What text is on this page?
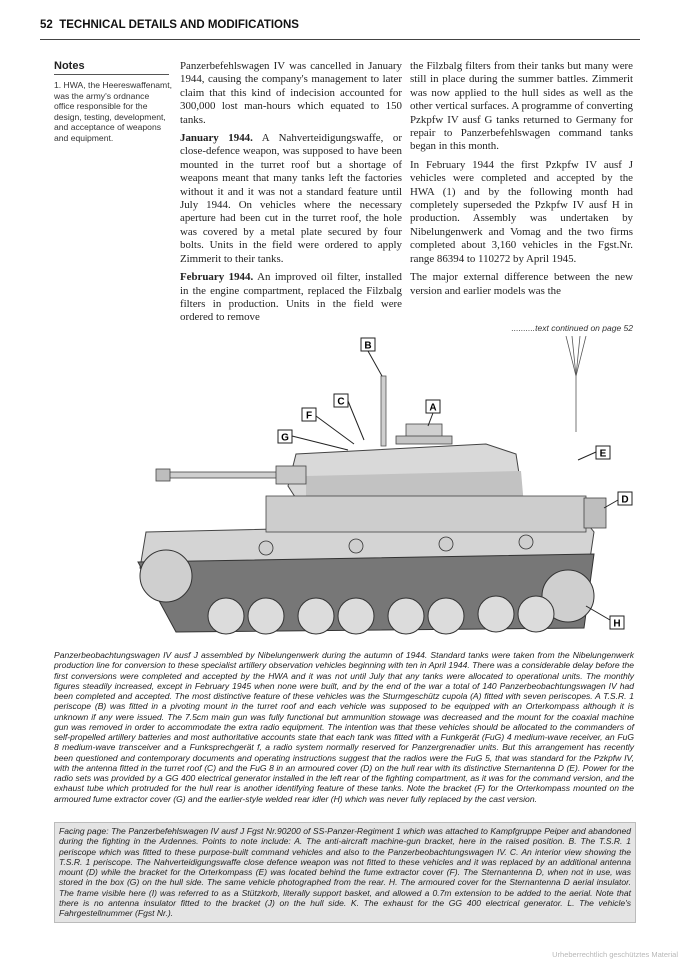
52 TECHNICAL DETAILS AND MODIFICATIONS
Notes
1. HWA, the Heereswaffenamt, was the army's ordnance office responsible for the design, testing, development, and acceptance of weapons and equipment.

Panzerbefehlswagen IV was cancelled in January 1944, causing the company's management to later claim that this kind of indecision accounted for 300,000 lost man-hours which equated to 150 tanks.

January 1944. A Nahverteidigungswaffe, or close-defence weapon, was supposed to have been mounted in the turret roof but a shortage of weapons meant that many tanks left the factories without it and it was not a standard feature until July 1944. On vehicles where the necessary aperture had been cut in the turret roof, the hole was covered by a metal plate secured by four bolts. Units in the field were ordered to apply Zimmerit to their tanks.

February 1944. An improved oil filter, installed in the engine compartment, replaced the Filzbalg filters in production. Units in the field were ordered to remove

the Filzbalg filters from their tanks but many were still in place during the summer battles. Zimmerit was now applied to the hull sides as well as the other vertical surfaces. A programme of converting Pzkpfw IV ausf G tanks returned to Germany for repair to Panzerbefehlswagen command tanks began in this month.

In February 1944 the first Pzkpfw IV ausf J vehicles were completed and accepted by the HWA (1) and by the following month had completely superseded the Pzkpfw IV ausf H in production. Assembly was undertaken by Nibelungenwerk and Vomag and the two firms completed about 3,160 vehicles in the Fgst.Nr. range 86394 to 110272 by April 1945.

The major external difference between the new version and earlier models was the

..........text continued on page 52
B
C
A
F
G
E
D
H
Panzerbeobachtungswagen IV ausf J assembled by Nibelungenwerk during the autumn of 1944. Standard tanks were taken from the Nibelungenwerk production line for conversion to these specialist artillery observation vehicles beginning with ten in April 1944. There was a considerable delay before the first conversions were completed and accepted by the HWA and it was not until July that any tanks were allocated to operational units. The monthly figures steadily increased, except in February 1945 when none were built, and by the end of the war a total of 140 Panzerbeobachtungswagen IV had been completed and accepted. The most distinctive feature of these vehicles was the Sturmgeschütz cupola (A) fitted with seven periscopes. A T.S.R. 1 periscope (B) was fitted in a pivoting mount in the turret roof and each vehicle was supposed to be equipped with an Orterkompass although it is unknown if any were issued. The 7.5cm main gun was fully functional but ammunition stowage was decreased and the mount for the coaxial machine gun was removed in order to accommodate the extra radio equipment. The intention was that these vehicles should be allocated to the commanders of self-propelled artillery batteries and most authoritative accounts state that each tank was fitted with a Funkgerät (FuG) 4 medium-wave receiver, an FuG 8 medium-wave transceiver and a Funksprechgerät f, a radio system normally reserved for Panzergrenadier units. But this arrangement has recently been questioned and contemporary documents and operating instructions suggest that the radios were the FuG 5, that was standard for the Pzkpfw IV, with the antenna fitted in the turret roof (C) and the FuG 8 in an armoured cover (D) on the hull rear with its distinctive Sternantenna D (E). Power for the radio sets was provided by a GG 400 electrical generator installed in the left rear of the fighting compartment, as it was for the command version, and the exhaust tube which protruded for the hull rear is another identifying feature of these tanks. Note the bracket (F) for the Orterkompass mounted on the armoured fume extractor cover (G) and the earlier-style welded rear idler (H) which was never fully replaced by the cast version.
Facing page: The Panzerbefehlswagen IV ausf J Fgst Nr.90200 of SS-Panzer-Regiment 1 which was attached to Kampfgruppe Peiper and abandoned during the fighting in the Ardennes. Points to note include: A. The anti-aircraft machine-gun bracket, here in the raised position. B. The T.S.R. 1 periscope which was fitted to these purpose-built command vehicles and also to the Panzerbeobachtungswagen IV. C. An interior view showing the T.S.R. 1 periscope. The Nahverteidigungswaffe close defence weapon was not fitted to these vehicles and it was replaced by an additional antenna mount (D) while the bracket for the Orterkompass (E) was located behind the fume extractor cover (F). The Sternantenna D, when not in use, was stored in the box (G) on the hull side. The same vehicle photographed from the rear. H. The armoured cover for the Sternantenna D aerial insulator. The frame visible here (I) was referred to as a Stützkorb, literally support basket, and allowed a 0.7m extension to be added to the aerial. Note that there is no antenna insulator fitted to the bracket (J) on the hull side. K. The exhaust for the GG 400 electrical generator. L. The vehicle's Fahrgestellnummer (Fgst Nr.).
Urheberrechtlich geschütztes Material
